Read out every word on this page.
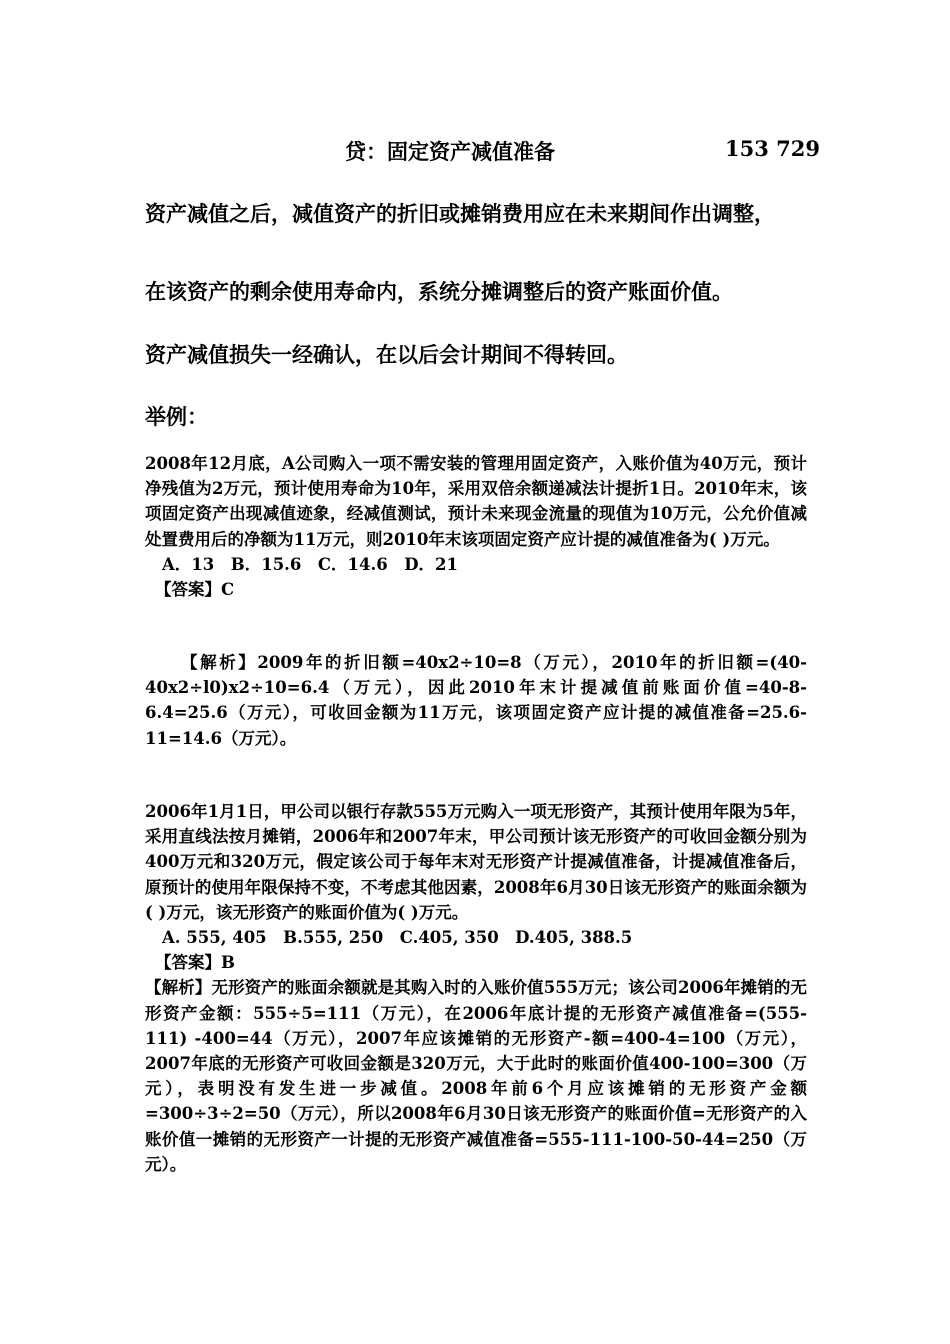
贷：固定资产减值准备	153 729
资产减值之后，减值资产的折旧或摊销费用应在未来期间作出调整，
在该资产的剩余使用寿命内，系统分摊调整后的资产账面价值。
资产减值损失一经确认，在以后会计期间不得转回。
举例：

2008年12月底，A公司购入一项不需安装的管理用固定资产，入账价值为40万元，预计净残值为2万元，预计使用寿命为10年，采用双倍余额递减法计提折1日。2010年末，该项固定资产出现减值迹象，经减值测试，预计未来现金流量的现值为10万元，公允价值减处置费用后的净额为11万元，则2010年末该项固定资产应计提的减值准备为( )万元。

A．13　B．15.6　C．14.6　D．21

【答案】C

【解析】2009年的折旧额=40x2÷10=8（万元），2010年的折旧额=(40-40x2÷l0)x2÷10=6.4（万元），因此2010年末计提减值前账面价值=40-8-6.4=25.6（万元），可收回金额为11万元，该项固定资产应计提的减值准备=25.6-11=14.6（万元）。

2006年1月1日，甲公司以银行存款555万元购入一项无形资产，其预计使用年限为5年，采用直线法按月摊销，2006年和2007年末，甲公司预计该无形资产的可收回金额分别为400万元和320万元，假定该公司于每年末对无形资产计提减值准备，计提减值准备后，原预计的使用年限保持不变，不考虑其他因素，2008年6月30日该无形资产的账面余额为( )万元，该无形资产的账面价值为( )万元。

A. 555, 405　B.555, 250　C.405, 350　D.405, 388.5

【答案】B

【解析】无形资产的账面余额就是其购入时的入账价值555万元；该公司2006年摊销的无形资产金额：555÷5=111（万元），在2006年底计提的无形资产减值准备=(555-111) -400=44（万元），2007年应该摊销的无形资产-额=400-4=100（万元），2007年底的无形资产可收回金额是320万元，大于此时的账面价值400-100=300（万元），表明没有发生进一步减值。2008年前6个月应该摊销的无形资产金额=300÷3÷2=50（万元），所以2008年6月30日该无形资产的账面价值=无形资产的入账价值一摊销的无形资产一计提的无形资产减值准备=555-111-100-50-44=250（万元）。
